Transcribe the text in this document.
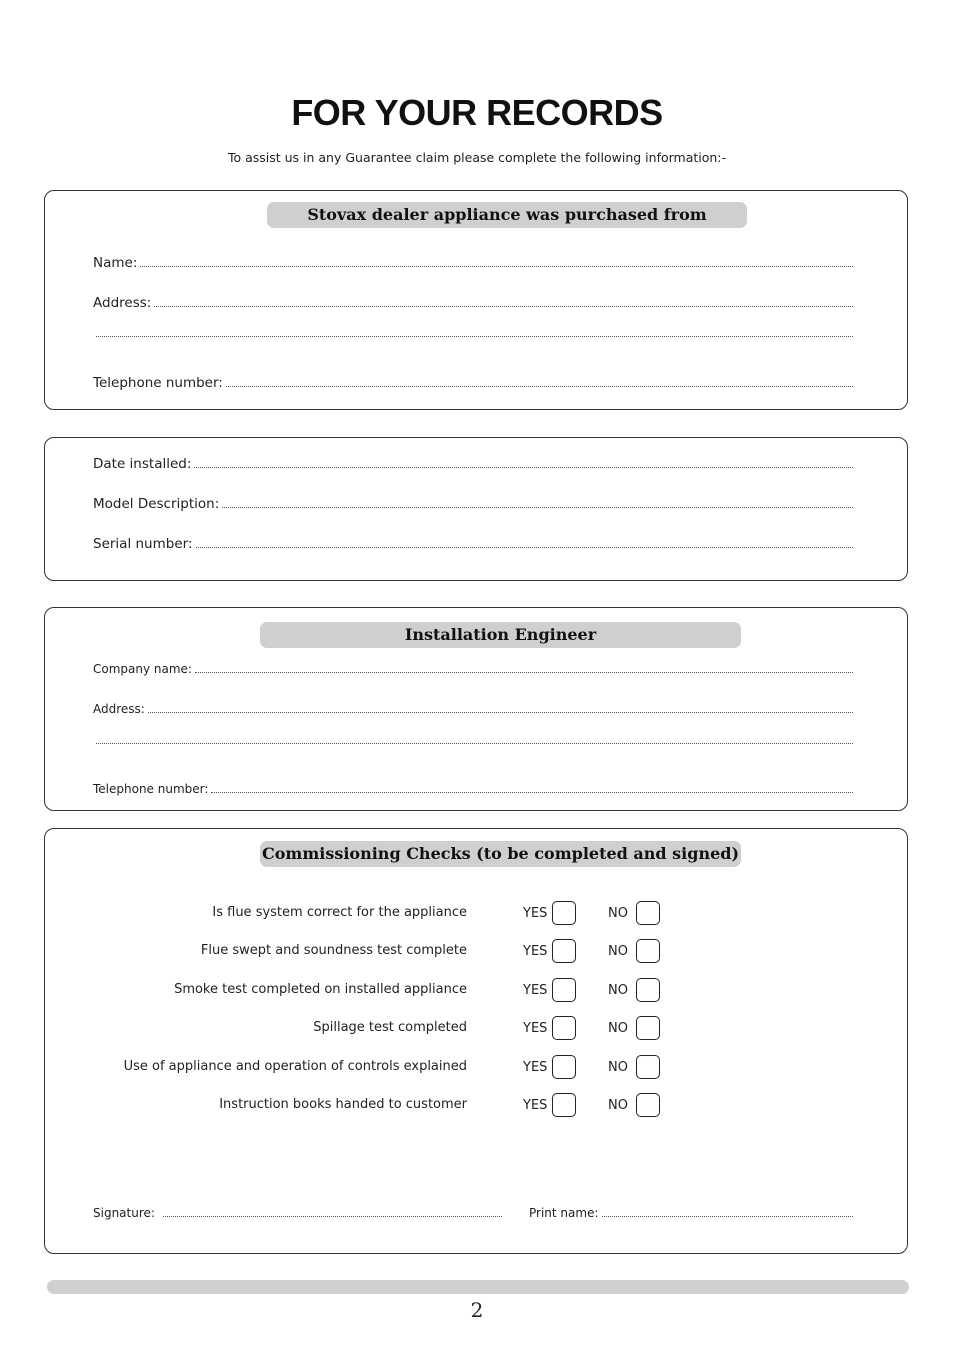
FOR YOUR RECORDS
To assist us in any Guarantee claim please complete the following information:-
Stovax dealer appliance was purchased from
Name:
Address:
Telephone number:
Date installed:
Model Description:
Serial number:
Installation Engineer
Company name:
Address:
Telephone number:
Commissioning Checks (to be completed and signed)
Is flue system correct for the appliance	YES	NO
Flue swept and soundness test complete	YES	NO
Smoke test completed on installed appliance	YES	NO
Spillage test completed	YES	NO
Use of appliance and operation of controls explained	YES	NO
Instruction books handed to customer	YES	NO
Signature:	Print name:
2
